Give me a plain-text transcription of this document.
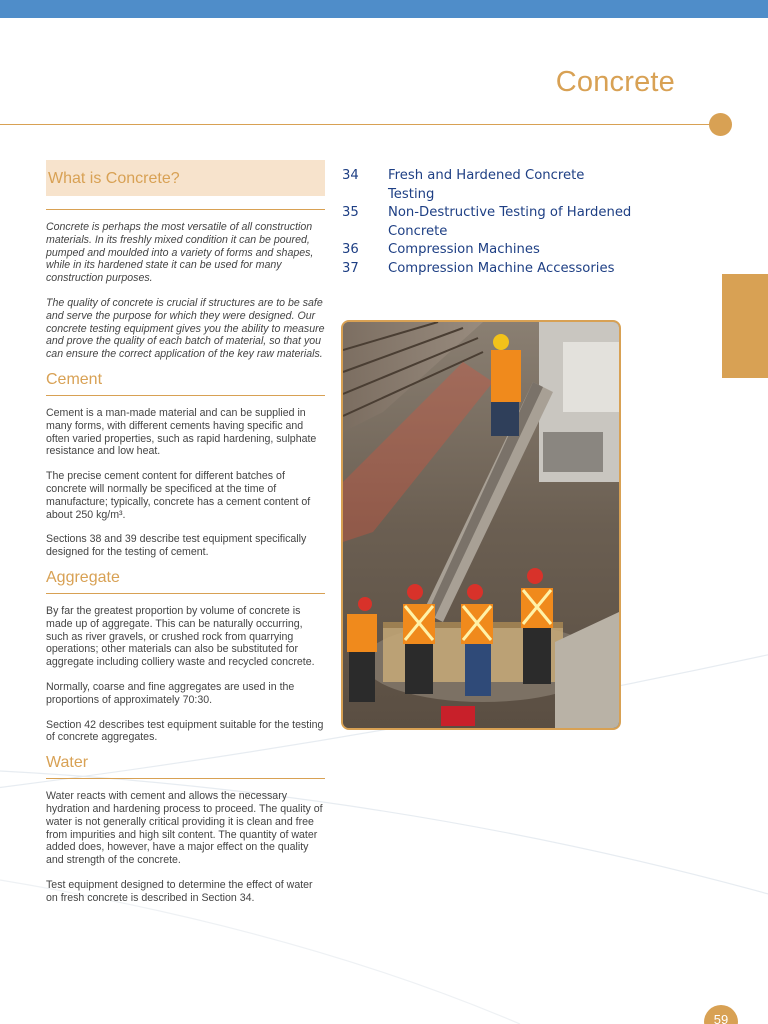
Concrete
What is Concrete?

Concrete is perhaps the most versatile of all construction materials. In its freshly mixed condition it can be poured, pumped and moulded into a variety of forms and shapes, while in its hardened state it can be used for many construction purposes.

The quality of concrete is crucial if structures are to be safe and serve the purpose for which they were designed. Our concrete testing equipment gives you the ability to measure and prove the quality of each batch of material, so that you can ensure the correct application of the key raw materials.

Cement

Cement is a man-made material and can be supplied in many forms, with different cements having specific and often varied properties, such as rapid hardening, sulphate resistance and low heat.

The precise cement content for different batches of concrete will normally be specificed at the time of manufacture; typically, concrete has a cement content of about 250 kg/m³.

Sections 38 and 39 describe test equipment specifically designed for the testing of cement.

Aggregate

By far the greatest proportion by volume of concrete is made up of aggregate. This can be naturally occurring, such as river gravels, or crushed rock from quarrying operations; other materials can also be substituted for aggregate including colliery waste and recycled concrete.

Normally, coarse and fine aggregates are used in the proportions of approximately 70:30.

Section 42 describes test equipment suitable for the testing of concrete aggregates.

Water

Water reacts with cement and allows the necessary hydration and hardening process to proceed. The quality of water is not generally critical providing it is clean and free from impurities and high silt content. The quantity of water added does, however, have a major effect on the quality and strength of the concrete.

Test equipment designed to determine the effect of water on fresh concrete is described in Section 34.

34	Fresh and Hardened Concrete Testing
35	Non-Destructive Testing of Hardened Concrete
36	Compression Machines
37	Compression Machine Accessories
59
